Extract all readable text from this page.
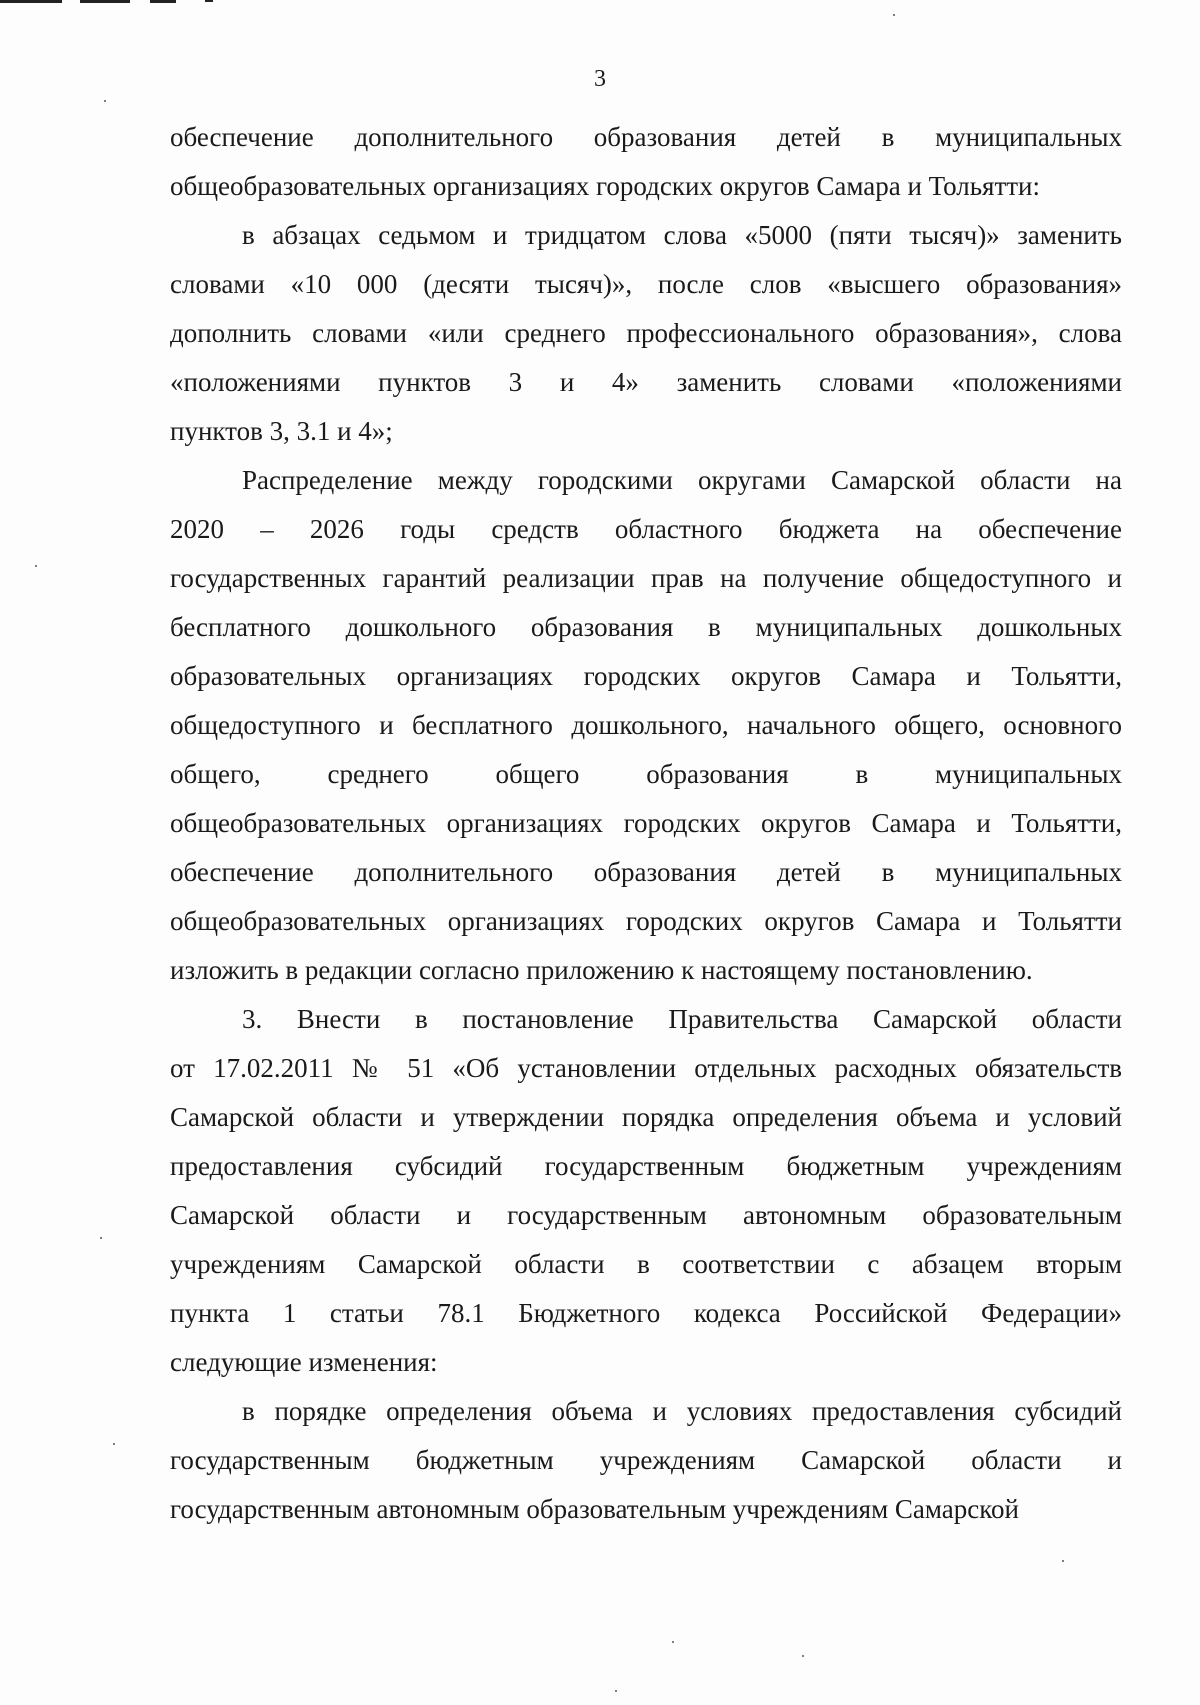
3
обеспечение дополнительного образования детей в муниципальных
общеобразовательных организациях городских округов Самара и Тольятти:
в абзацах седьмом и тридцатом слова «5000 (пяти тысяч)» заменить
словами «10 000 (десяти тысяч)», после слов «высшего образования»
дополнить словами «или среднего профессионального образования», слова
«положениями пунктов 3 и 4» заменить словами «положениями
пунктов 3, 3.1 и 4»;
Распределение между городскими округами Самарской области на
2020 – 2026 годы средств областного бюджета на обеспечение
государственных гарантий реализации прав на получение общедоступного и
бесплатного дошкольного образования в муниципальных дошкольных
образовательных организациях городских округов Самара и Тольятти,
общедоступного и бесплатного дошкольного, начального общего, основного
общего, среднего общего образования в муниципальных
общеобразовательных организациях городских округов Самара и Тольятти,
обеспечение дополнительного образования детей в муниципальных
общеобразовательных организациях городских округов Самара и Тольятти
изложить в редакции согласно приложению к настоящему постановлению.
3. Внести в постановление Правительства Самарской области
от 17.02.2011 № 51 «Об установлении отдельных расходных обязательств
Самарской области и утверждении порядка определения объема и условий
предоставления субсидий государственным бюджетным учреждениям
Самарской области и государственным автономным образовательным
учреждениям Самарской области в соответствии с абзацем вторым
пункта 1 статьи 78.1 Бюджетного кодекса Российской Федерации»
следующие изменения:
в порядке определения объема и условиях предоставления субсидий
государственным бюджетным учреждениям Самарской области и
государственным автономным образовательным учреждениям Самарской
